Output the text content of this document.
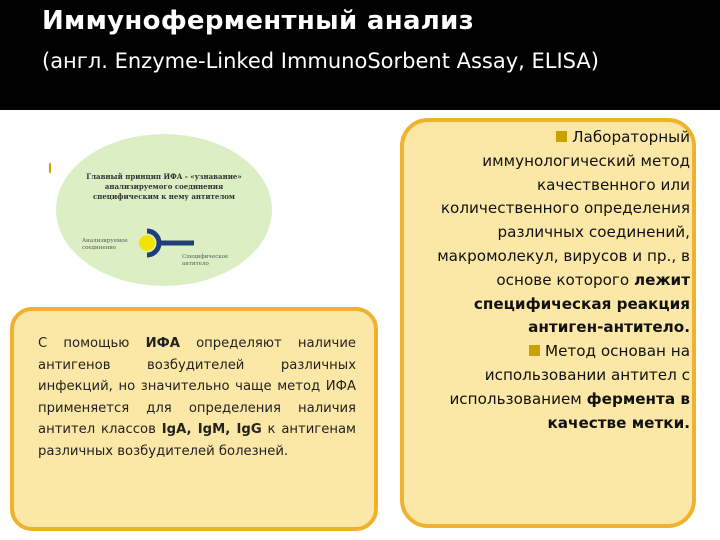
Иммуноферментный анализ
(англ. Enzyme-Linked ImmunoSorbent Assay, ELISA)
Главный принцип ИФА - «узнавание» анализируемого соединения специфическим к нему антителом
Анализируемое соединение
Специфическое антитело
С помощью ИФА определяют наличие антигенов возбудителей различных инфекций, но значительно чаще метод ИФА применяется для определения наличия антител классов IgA, IgM, IgG к антигенам различных возбудителей болезней.
Лабораторный иммунологический метод качественного или количественного определения различных соединений, макромолекул, вирусов и пр., в основе которого лежит специфическая реакция антиген-антитело.
Метод основан на использовании антител с использованием фермента в качестве метки.
